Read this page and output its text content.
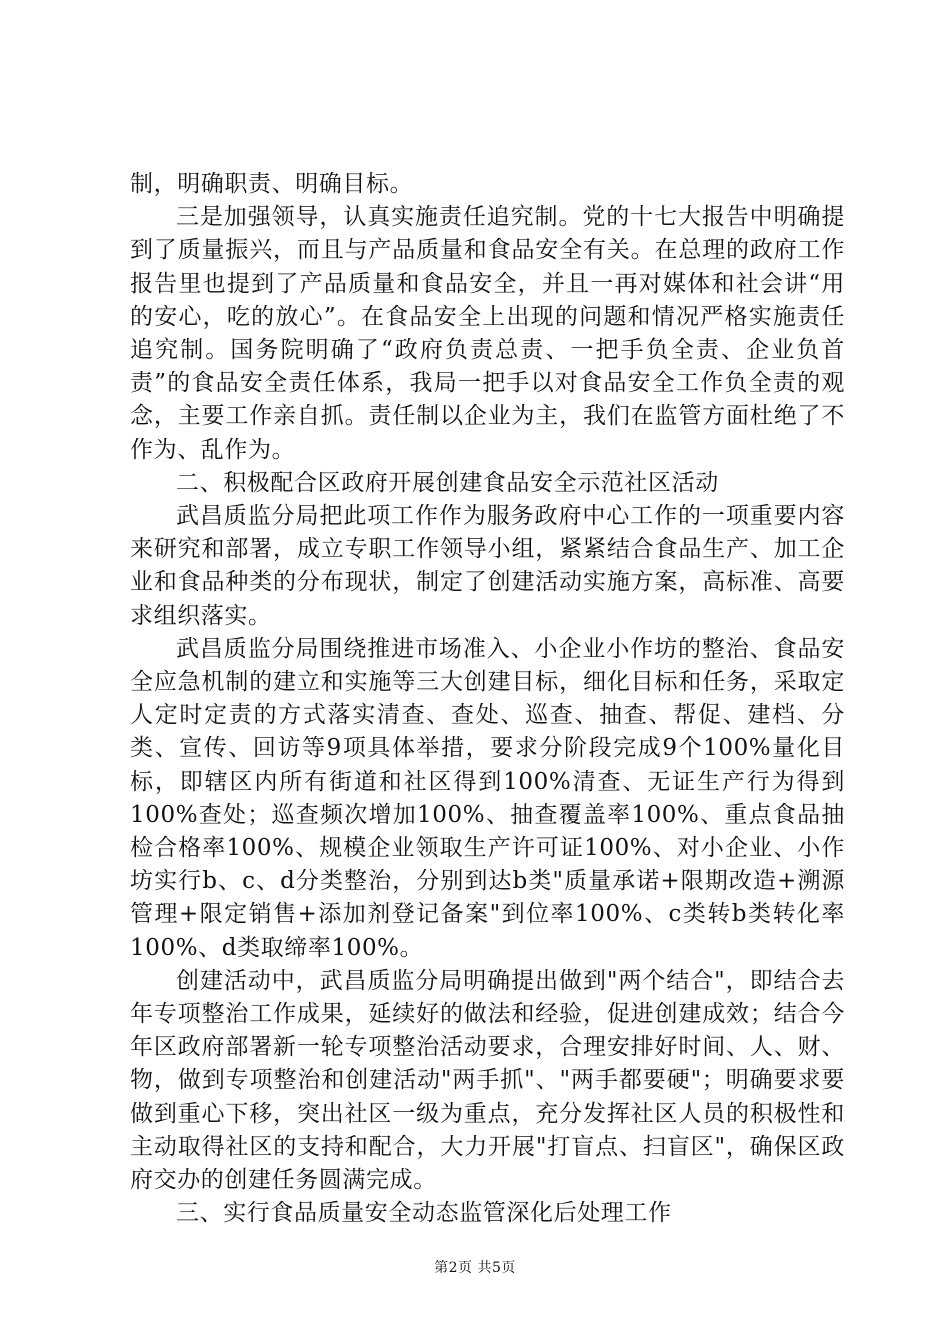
制，明确职责、明确目标。

三是加强领导，认真实施责任追究制。党的十七大报告中明确提到了质量振兴，而且与产品质量和食品安全有关。在总理的政府工作报告里也提到了产品质量和食品安全，并且一再对媒体和社会讲“用的安心，吃的放心”。在食品安全上出现的问题和情况严格实施责任追究制。国务院明确了“政府负责总责、一把手负全责、企业负首责”的食品安全责任体系，我局一把手以对食品安全工作负全责的观念，主要工作亲自抓。责任制以企业为主，我们在监管方面杜绝了不作为、乱作为。

二、积极配合区政府开展创建食品安全示范社区活动

武昌质监分局把此项工作作为服务政府中心工作的一项重要内容来研究和部署，成立专职工作领导小组，紧紧结合食品生产、加工企业和食品种类的分布现状，制定了创建活动实施方案，高标准、高要求组织落实。

武昌质监分局围绕推进市场准入、小企业小作坊的整治、食品安全应急机制的建立和实施等三大创建目标，细化目标和任务，采取定人定时定责的方式落实清查、查处、巡查、抽查、帮促、建档、分类、宣传、回访等9项具体举措，要求分阶段完成9个100%量化目标，即辖区内所有街道和社区得到100%清查、无证生产行为得到100%查处；巡查频次增加100%、抽查覆盖率100%、重点食品抽检合格率100%、规模企业领取生产许可证100%、对小企业、小作坊实行b、c、d分类整治，分别到达b类"质量承诺+限期改造+溯源管理+限定销售+添加剂登记备案"到位率100%、c类转b类转化率100%、d类取缔率100%。

创建活动中，武昌质监分局明确提出做到"两个结合"，即结合去年专项整治工作成果，延续好的做法和经验，促进创建成效；结合今年区政府部署新一轮专项整治活动要求，合理安排好时间、人、财、物，做到专项整治和创建活动"两手抓"、"两手都要硬"；明确要求要做到重心下移，突出社区一级为重点，充分发挥社区人员的积极性和主动取得社区的支持和配合，大力开展"打盲点、扫盲区"，确保区政府交办的创建任务圆满完成。

三、实行食品质量安全动态监管深化后处理工作

第2页 共5页
